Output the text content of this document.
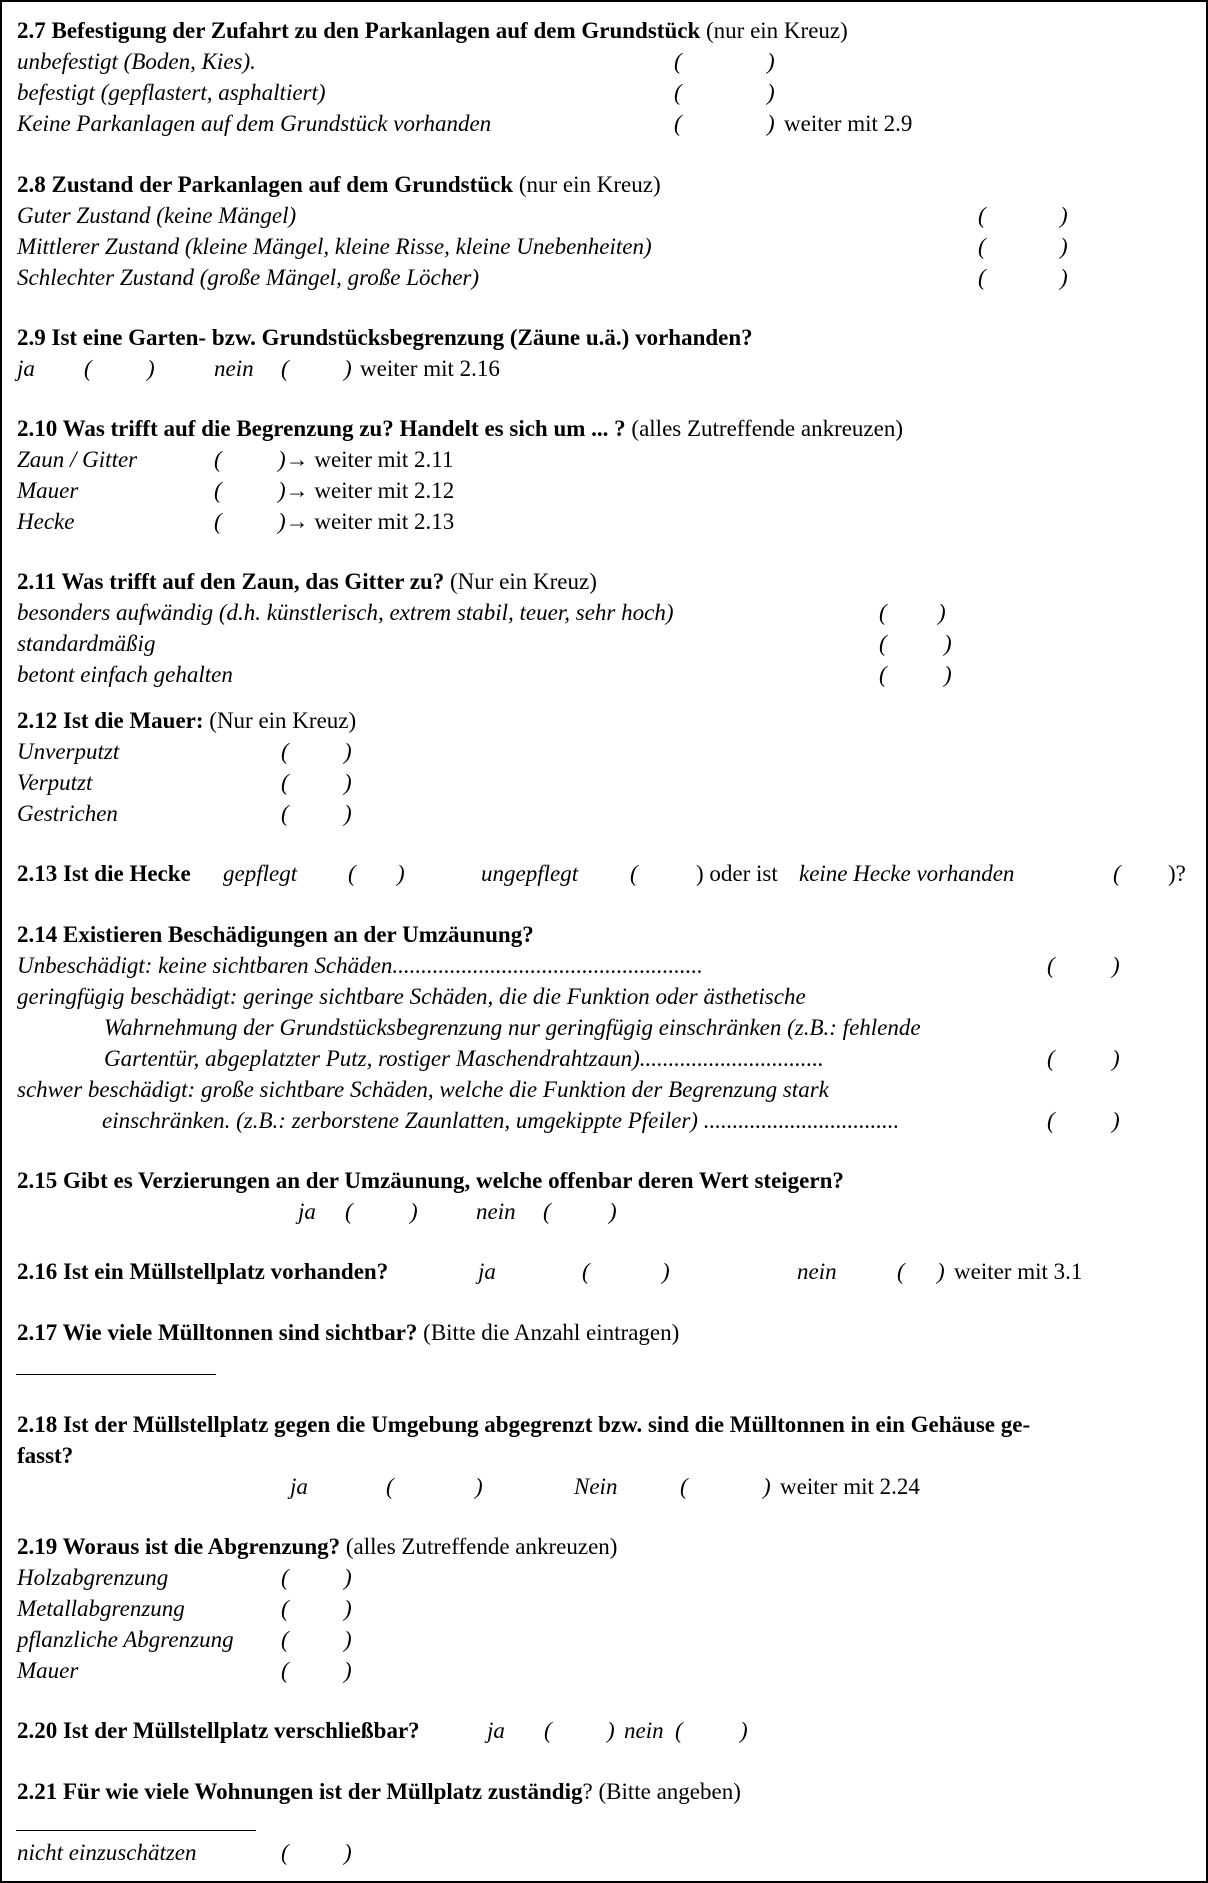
2.7 Befestigung der Zufahrt zu den Parkanlagen auf dem Grundstück (nur ein Kreuz)
unbefestigt (Boden, Kies).	(	)
befestigt (gepflastert, asphaltiert)	(	)
Keine Parkanlagen auf dem Grundstück vorhanden	(	) weiter mit 2.9
2.8 Zustand der Parkanlagen auf dem Grundstück (nur ein Kreuz)
Guter Zustand (keine Mängel)	(	)
Mittlerer Zustand (kleine Mängel, kleine Risse, kleine Unebenheiten)	(	)
Schlechter Zustand (große Mängel, große Löcher)	(	)
2.9 Ist eine Garten- bzw. Grundstücksbegrenzung (Zäune u.ä.) vorhanden?
ja ( )	nein ( ) weiter mit 2.16
2.10 Was trifft auf die Begrenzung zu? Handelt es sich um ... ? (alles Zutreffende ankreuzen)
Zaun / Gitter	( )→ weiter mit 2.11
Mauer	( )→ weiter mit 2.12
Hecke	( )→ weiter mit 2.13
2.11 Was trifft auf den Zaun, das Gitter zu? (Nur ein Kreuz)
besonders aufwändig (d.h. künstlerisch, extrem stabil, teuer, sehr hoch)	( )
standardmäßig	( )
betont einfach gehalten	( )
2.12 Ist die Mauer: (Nur ein Kreuz)
Unverputzt	( )
Verputzt	( )
Gestrichen	( )
2.13 Ist die Hecke gepflegt ( )	ungepflegt (	) oder ist keine Hecke vorhanden	( )?
2.14 Existieren Beschädigungen an der Umzäunung?
Unbeschädigt: keine sichtbaren Schäden......................................................	( )
geringfügig beschädigt: geringe sichtbare Schäden, die die Funktion oder ästhetische
Wahrnehmung der Grundstücksbegrenzung nur geringfügig einschränken (z.B.: fehlende
Gartentür, abgeplatzter Putz, rostiger Maschendrahtzaun)................................	( )
schwer beschädigt: große sichtbare Schäden, welche die Funktion der Begrenzung stark
einschränken. (z.B.: zerborstene Zaunlatten, umgekippte Pfeiler) ..................................	( )
2.15 Gibt es Verzierungen an der Umzäunung, welche offenbar deren Wert steigern?
ja ( )	nein (	)
2.16 Ist ein Müllstellplatz vorhanden?	ja	(	)	nein	( ) weiter mit 3.1
2.17 Wie viele Mülltonnen sind sichtbar? (Bitte die Anzahl eintragen)
2.18 Ist der Müllstellplatz gegen die Umgebung abgegrenzt bzw. sind die Mülltonnen in ein Gehäuse ge-
fasst?
ja	(	)	Nein	(	) weiter mit 2.24
2.19 Woraus ist die Abgrenzung? (alles Zutreffende ankreuzen)
Holzabgrenzung	( )
Metallabgrenzung	( )
pflanzliche Abgrenzung ( )
Mauer	( )
2.20 Ist der Müllstellplatz verschließbar?	ja ( ) nein ( )
2.21 Für wie viele Wohnungen ist der Müllplatz zuständig? (Bitte angeben)
nicht einzuschätzen	( )
